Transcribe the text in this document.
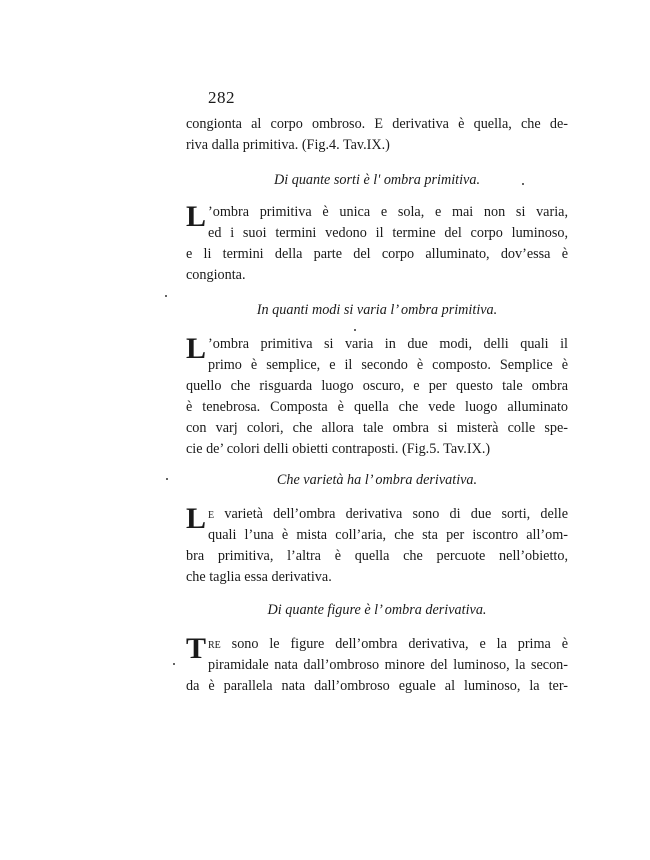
282
congionta al corpo ombroso. E derivativa è quella, che de-
riva dalla primitiva. (Fig.4. Tav.IX.)
Di quante sorti è l' ombra primitiva.
L ’ombra primitiva è unica e sola, e mai non si varia,
ed i suoi termini vedono il termine del corpo luminoso,
e li termini della parte del corpo alluminato, dov’essa è
congionta.
In quanti modi si varia l’ ombra primitiva.
L ’ombra primitiva si varia in due modi, delli quali il
primo è semplice, e il secondo è composto. Semplice è
quello che risguarda luogo oscuro, e per questo tale ombra
è tenebrosa. Composta è quella che vede luogo alluminato
con varj colori, che allora tale ombra si misterà colle spe-
cie de’ colori delli obietti contraposti. (Fig.5. Tav.IX.)
Che varietà ha l’ ombra derivativa.
L e varietà dell’ombra derivativa sono di due sorti, delle
quali l’una è mista coll’aria, che sta per iscontro all’om-
bra primitiva, l’altra è quella che percuote nell’obietto,
che taglia essa derivativa.
Di quante figure è l’ ombra derivativa.
T re sono le figure dell’ombra derivativa, e la prima è
piramidale nata dall’ombroso minore del luminoso, la secon-
da è parallela nata dall’ombroso eguale al luminoso, la ter-
